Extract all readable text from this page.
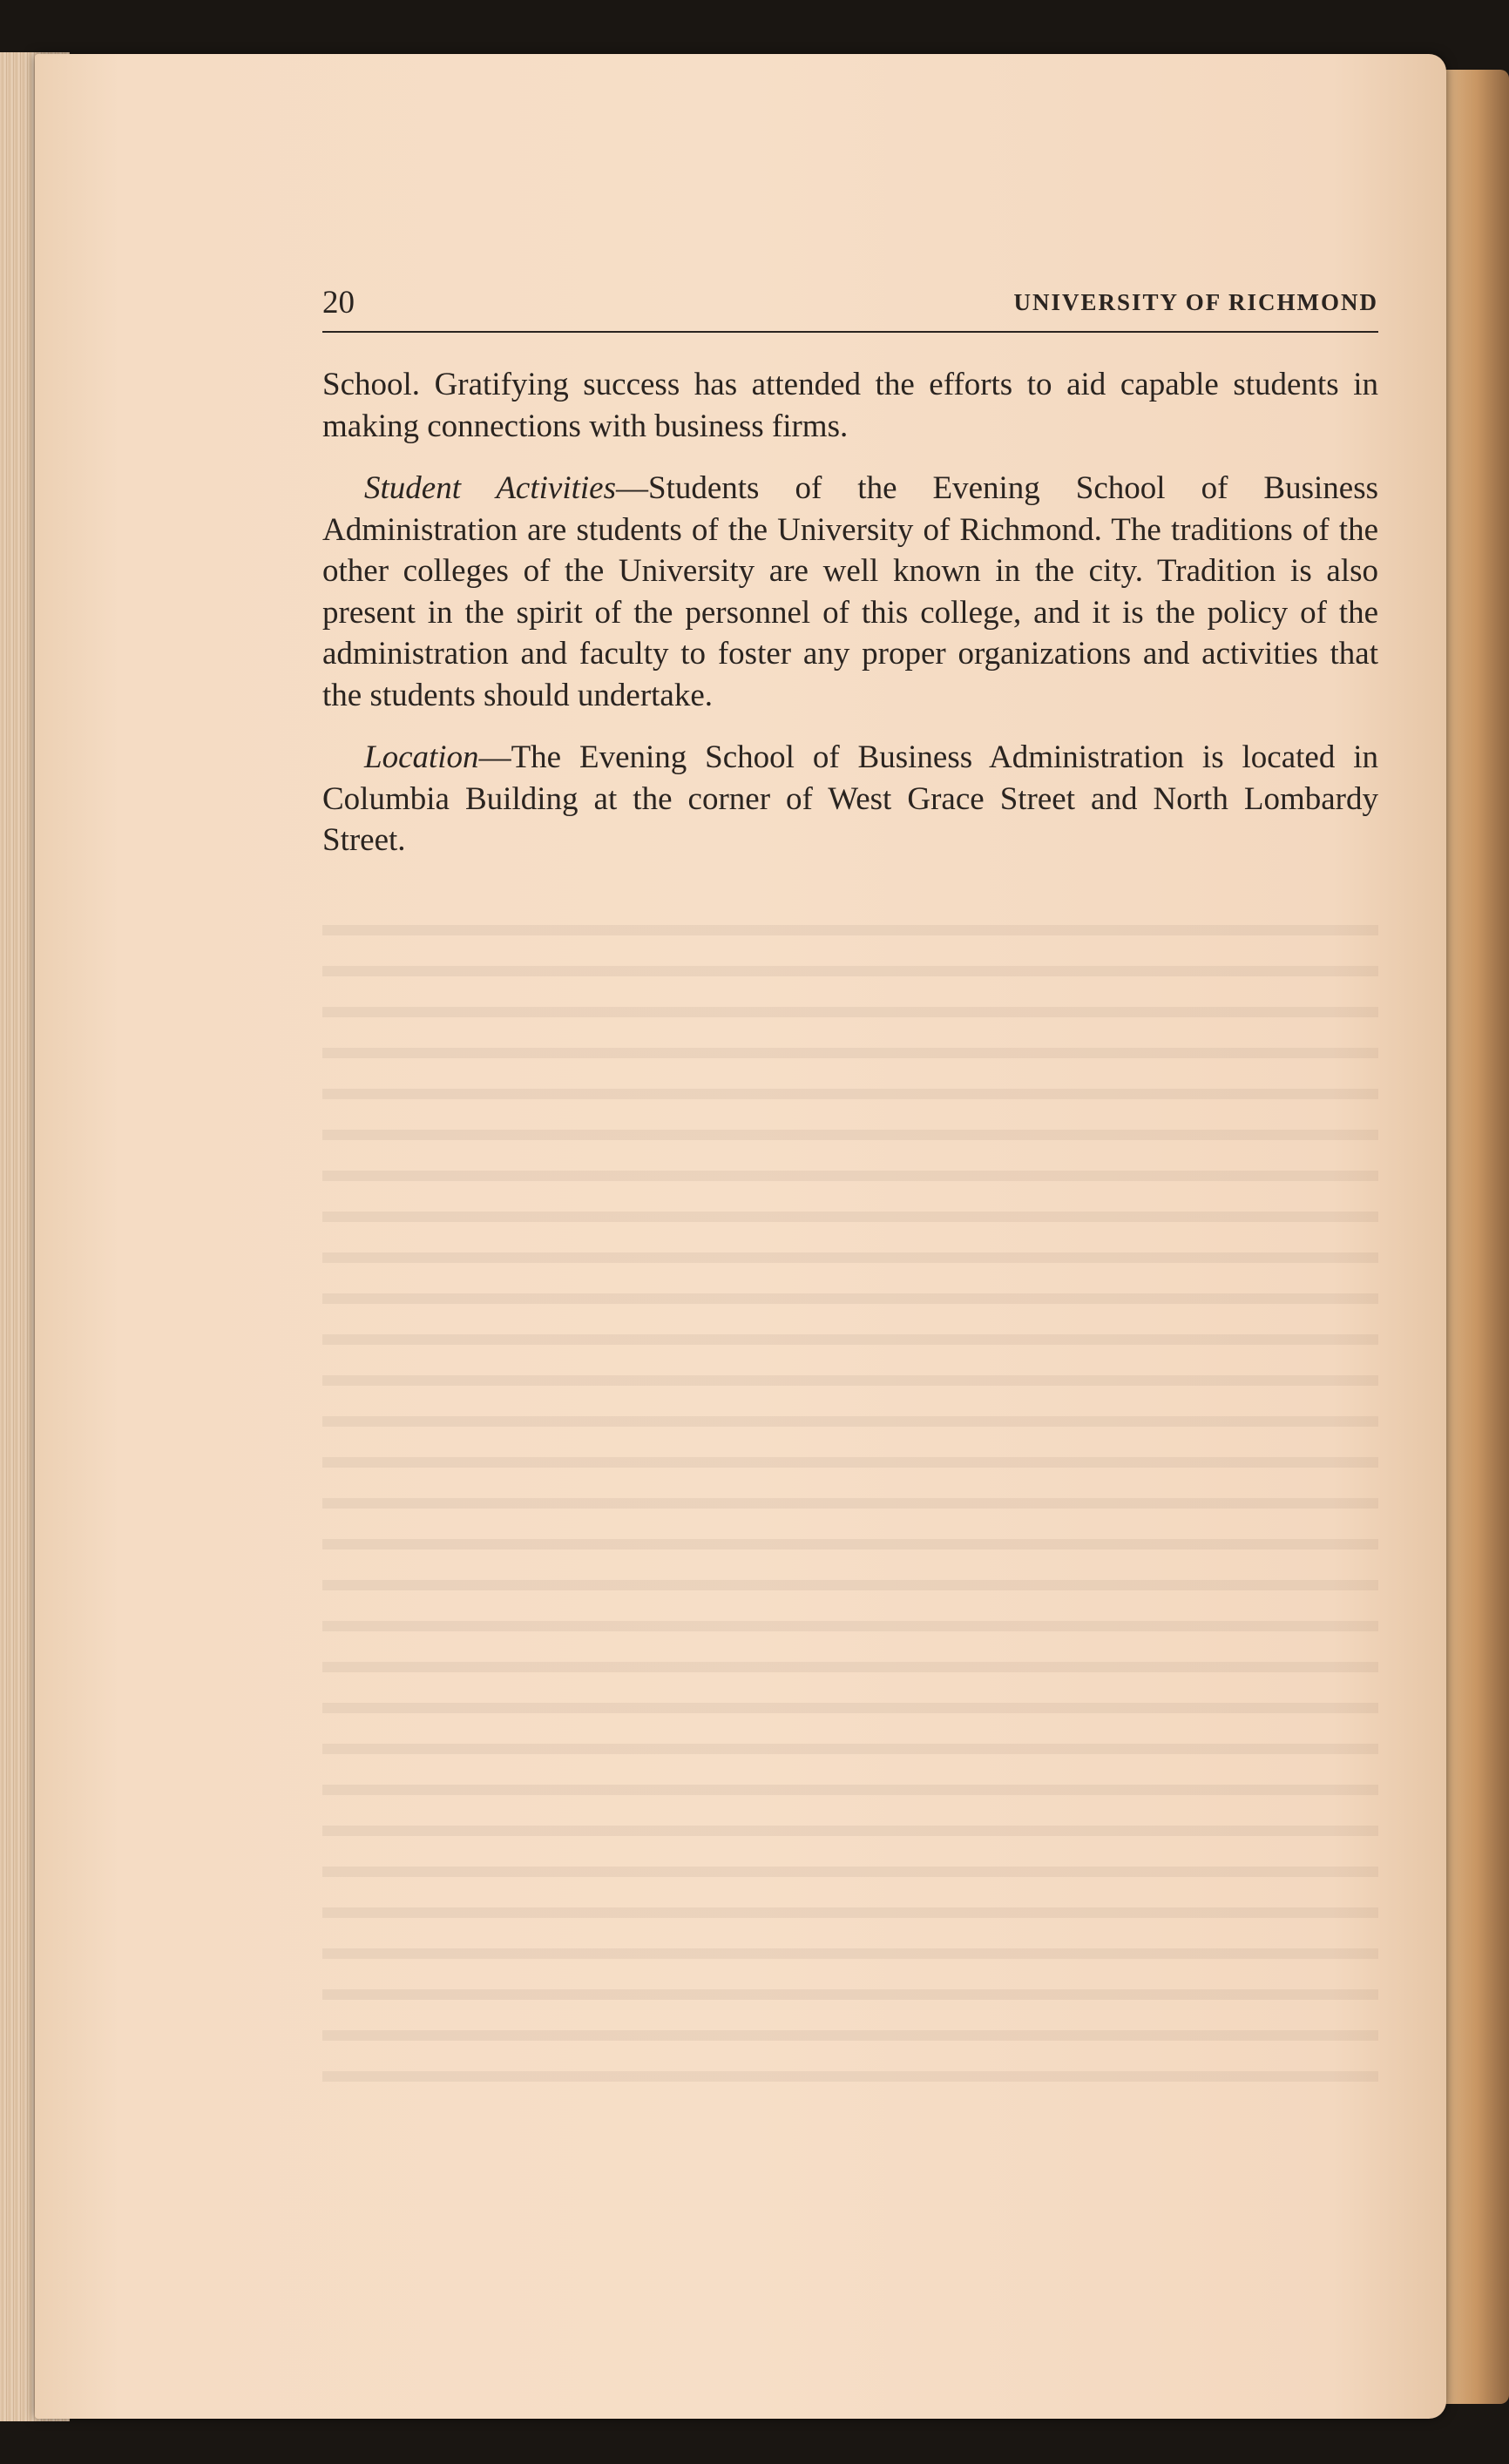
20	UNIVERSITY OF RICHMOND

School. Gratifying success has attended the efforts to aid capable students in making connections with business firms.

Student Activities—Students of the Evening School of Business Administration are students of the University of Richmond. The traditions of the other colleges of the University are well known in the city. Tradition is also present in the spirit of the personnel of this college, and it is the policy of the administration and faculty to foster any proper organizations and activities that the students should undertake.

Location—The Evening School of Business Administration is located in Columbia Building at the corner of West Grace Street and North Lombardy Street.
